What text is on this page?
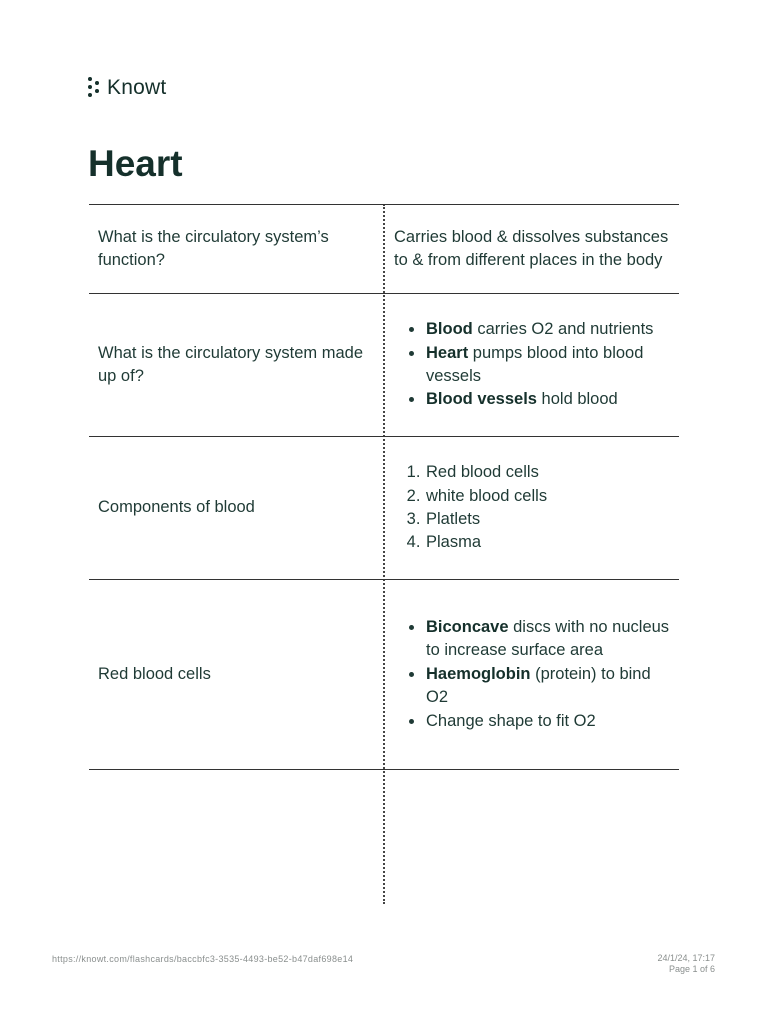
Knowt
Heart
What is the circulatory system’s function?
Carries blood & dissolves substances to & from different places in the body
What is the circulatory system made up of?
• Blood carries O2 and nutrients
• Heart pumps blood into blood vessels
• Blood vessels hold blood
Components of blood
1. Red blood cells
2. white blood cells
3. Platlets
4. Plasma
Red blood cells
• Biconcave discs with no nucleus to increase surface area
• Haemoglobin (protein) to bind O2
• Change shape to fit O2
https://knowt.com/flashcards/baccbfc3-3535-4493-be52-b47daf698e14	24/1/24, 17:17
Page 1 of 6
